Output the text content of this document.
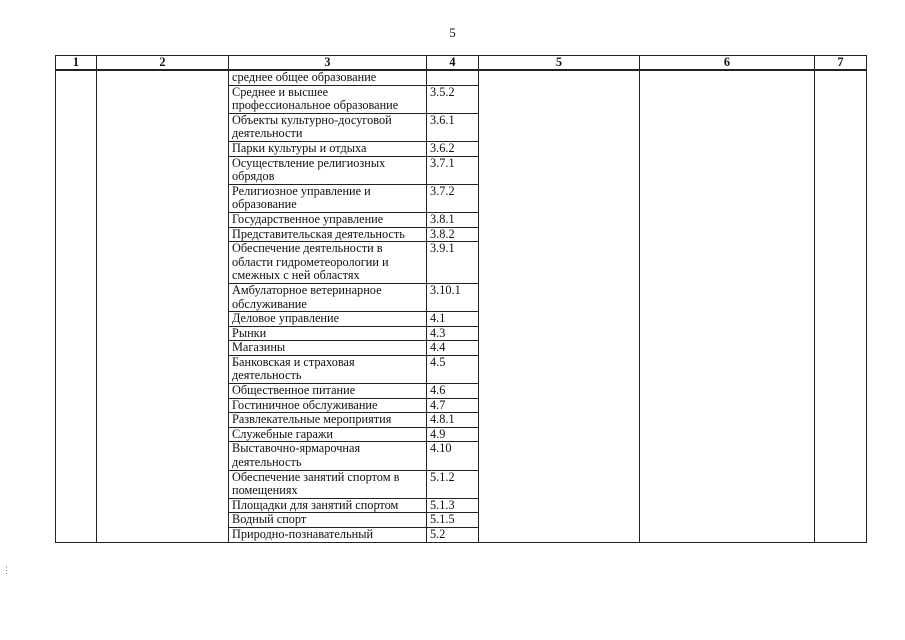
5
1	2	3	4	5	6	7
		среднее общее образование				
		Среднее и высшее профессиональное образование	3.5.2			
		Объекты культурно-досуговой деятельности	3.6.1			
		Парки культуры и отдыха	3.6.2			
		Осуществление религиозных обрядов	3.7.1			
		Религиозное управление и образование	3.7.2			
		Государственное управление	3.8.1			
		Представительская деятельность	3.8.2			
		Обеспечение деятельности в области гидрометеорологии и смежных с ней областях	3.9.1			
		Амбулаторное ветеринарное обслуживание	3.10.1			
		Деловое управление	4.1			
		Рынки	4.3			
		Магазины	4.4			
		Банковская и страховая деятельность	4.5			
		Общественное питание	4.6			
		Гостиничное обслуживание	4.7			
		Развлекательные мероприятия	4.8.1			
		Служебные гаражи	4.9			
		Выставочно-ярмарочная деятельность	4.10			
		Обеспечение занятий спортом в помещениях	5.1.2			
		Площадки для занятий спортом	5.1.3			
		Водный спорт	5.1.5			
		Природно-познавательный	5.2			
⋮
